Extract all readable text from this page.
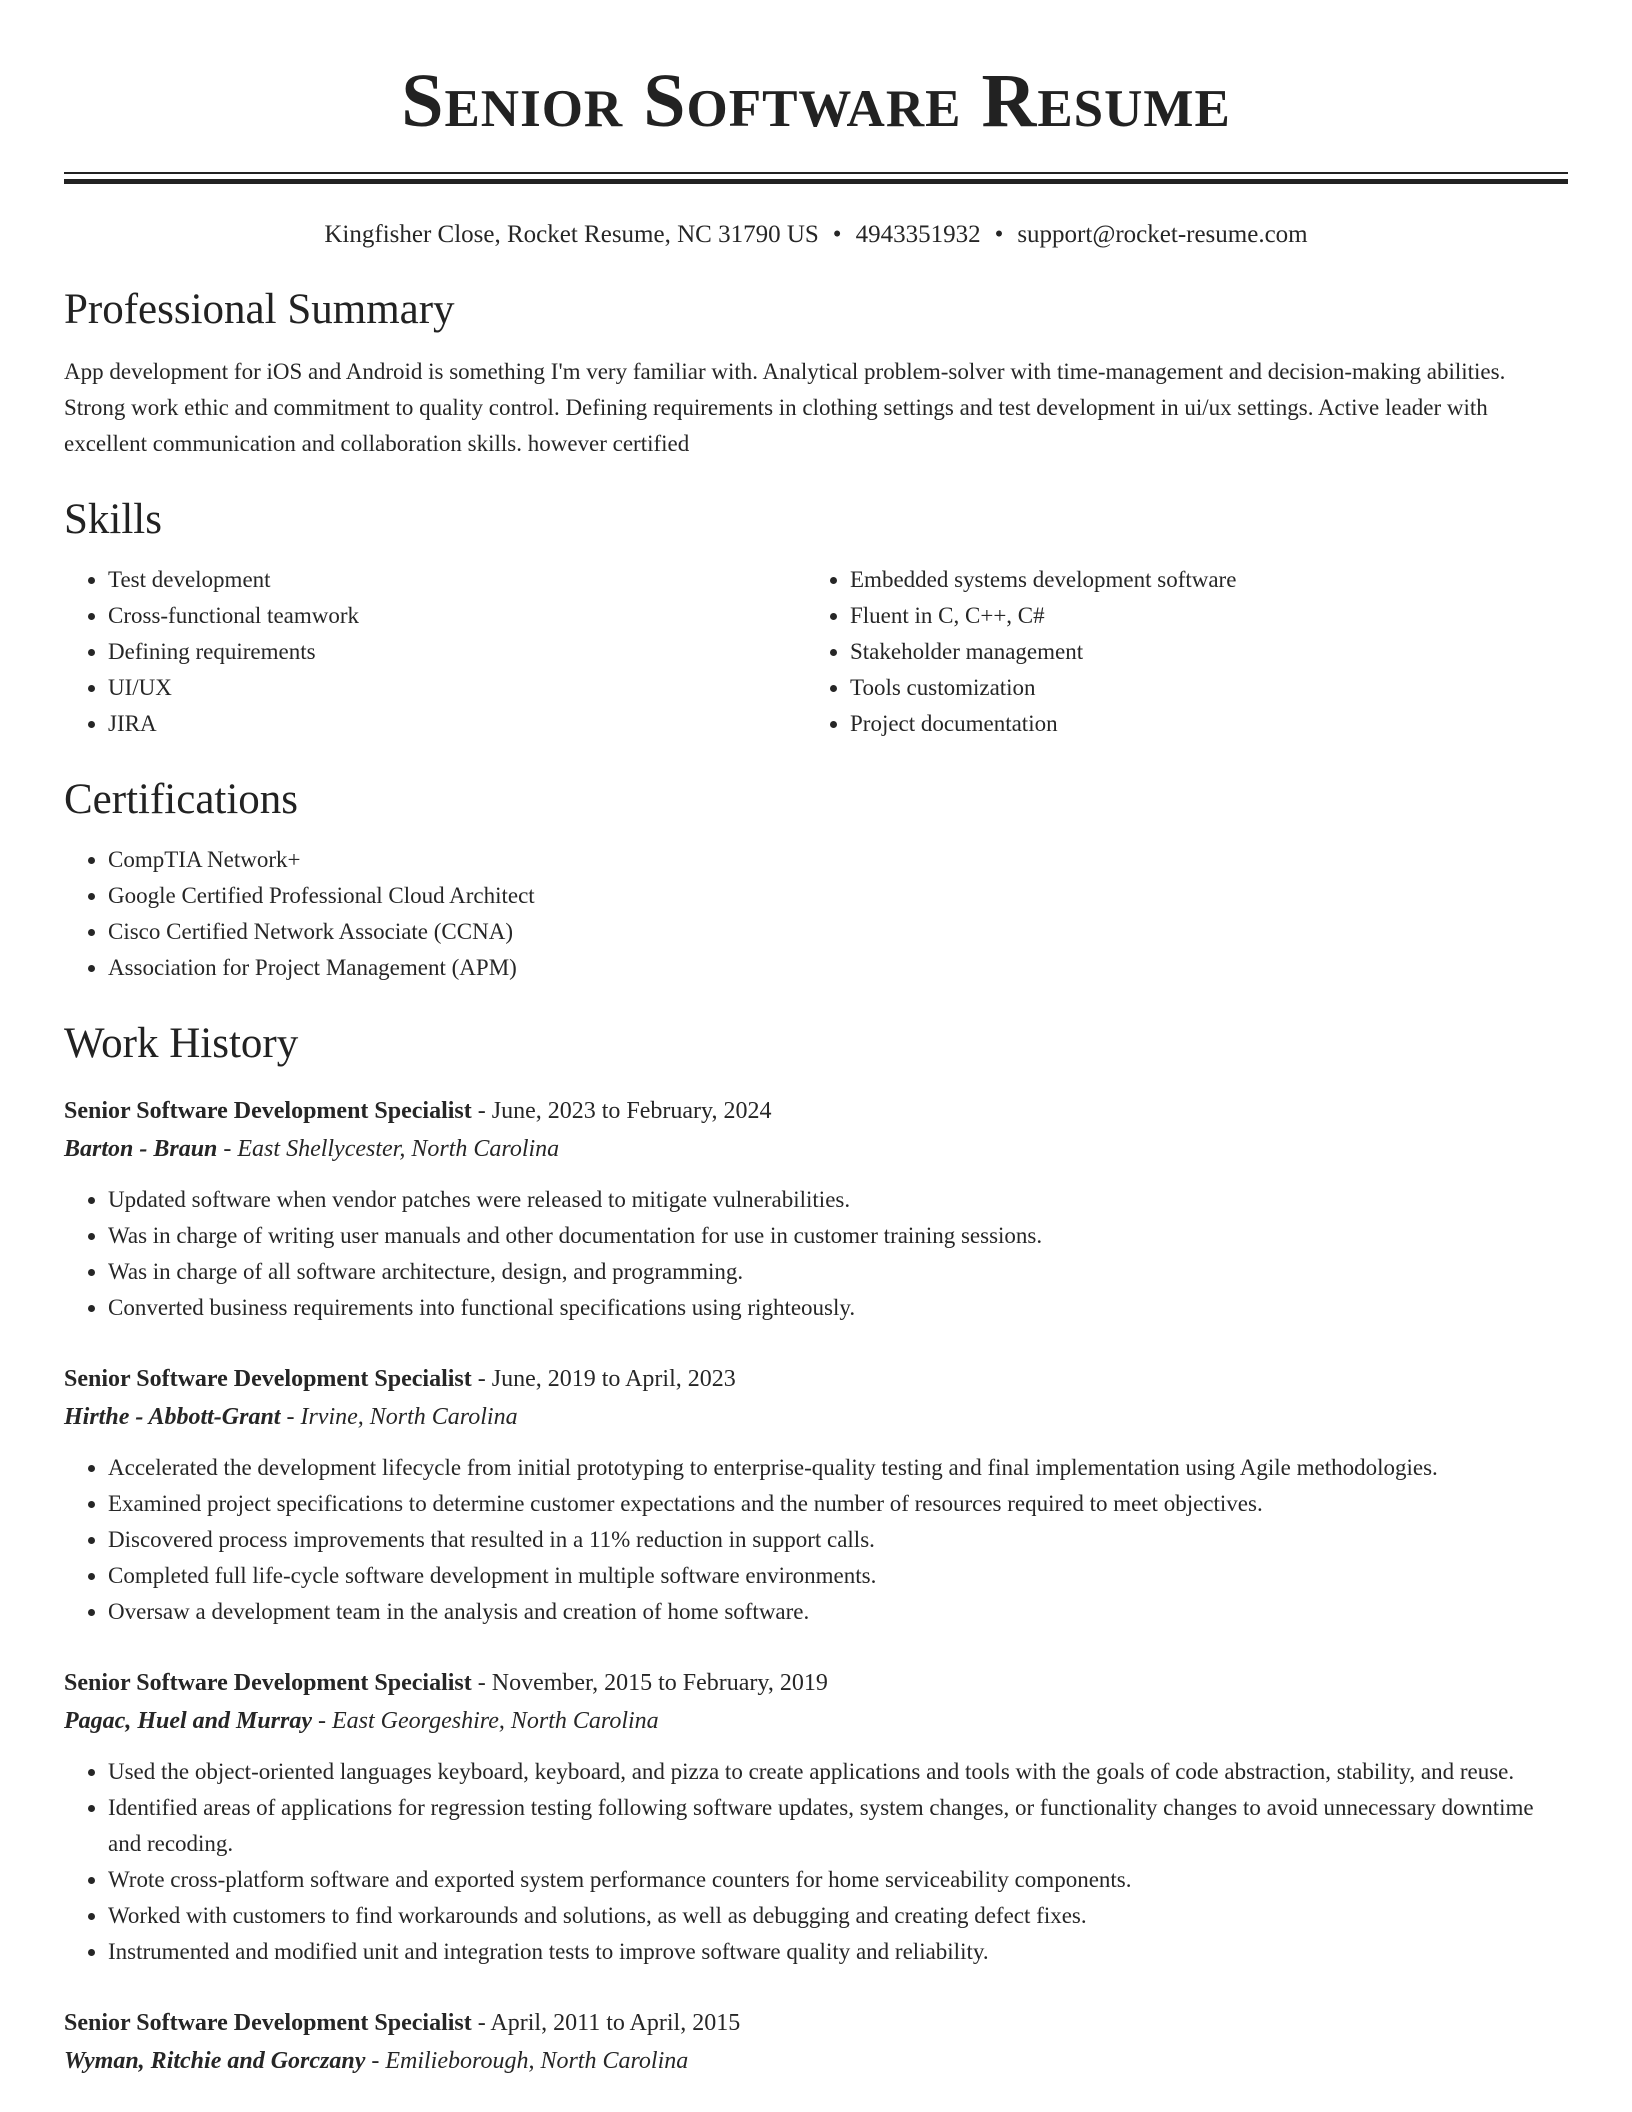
Senior Software Resume
Kingfisher Close, Rocket Resume, NC 31790 US • 4943351932 • support@rocket-resume.com
Professional Summary
App development for iOS and Android is something I'm very familiar with. Analytical problem-solver with time-management and decision-making abilities. Strong work ethic and commitment to quality control. Defining requirements in clothing settings and test development in ui/ux settings. Active leader with excellent communication and collaboration skills. however certified
Skills
• Test development
• Cross-functional teamwork
• Defining requirements
• UI/UX
• JIRA
• Embedded systems development software
• Fluent in C, C++, C#
• Stakeholder management
• Tools customization
• Project documentation
Certifications
• CompTIA Network+
• Google Certified Professional Cloud Architect
• Cisco Certified Network Associate (CCNA)
• Association for Project Management (APM)
Work History
Senior Software Development Specialist - June, 2023 to February, 2024
Barton - Braun - East Shellycester, North Carolina
• Updated software when vendor patches were released to mitigate vulnerabilities.
• Was in charge of writing user manuals and other documentation for use in customer training sessions.
• Was in charge of all software architecture, design, and programming.
• Converted business requirements into functional specifications using righteously.
Senior Software Development Specialist - June, 2019 to April, 2023
Hirthe - Abbott-Grant - Irvine, North Carolina
• Accelerated the development lifecycle from initial prototyping to enterprise-quality testing and final implementation using Agile methodologies.
• Examined project specifications to determine customer expectations and the number of resources required to meet objectives.
• Discovered process improvements that resulted in a 11% reduction in support calls.
• Completed full life-cycle software development in multiple software environments.
• Oversaw a development team in the analysis and creation of home software.
Senior Software Development Specialist - November, 2015 to February, 2019
Pagac, Huel and Murray - East Georgeshire, North Carolina
• Used the object-oriented languages keyboard, keyboard, and pizza to create applications and tools with the goals of code abstraction, stability, and reuse.
• Identified areas of applications for regression testing following software updates, system changes, or functionality changes to avoid unnecessary downtime and recoding.
• Wrote cross-platform software and exported system performance counters for home serviceability components.
• Worked with customers to find workarounds and solutions, as well as debugging and creating defect fixes.
• Instrumented and modified unit and integration tests to improve software quality and reliability.
Senior Software Development Specialist - April, 2011 to April, 2015
Wyman, Ritchie and Gorczany - Emilieborough, North Carolina
